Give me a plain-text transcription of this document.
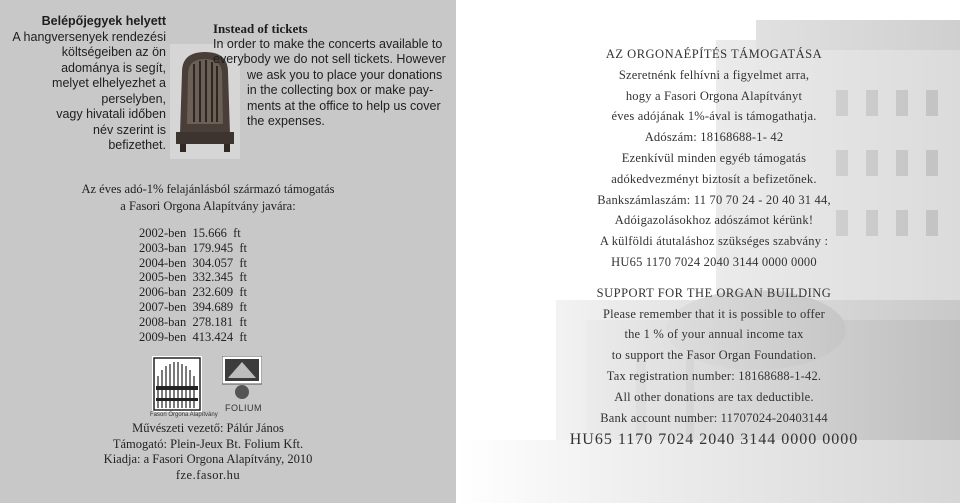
Belépőjegyek helyett
A hangversenyek rendezési
költségeiben az ön adománya is segít,
melyet elhelyezhet a perselyben,
vagy hivatali időben
név szerint is
befizethet.
Instead of tickets
In order to make the concerts available to
everybody we do not sell tickets. However
we ask you to place your donations
in the collecting box or make pay-
ments at the office to help us cover
the expenses.
Az éves adó-1% felajánlásból származó támogatás
a Fasori Orgona Alapítvány javára:
2002-ben  15.666  ft
2003-ban  179.945  ft
2004-ben  304.057  ft
2005-ben  332.345  ft
2006-ban  232.609  ft
2007-ben  394.689  ft
2008-ban  278.181  ft
2009-ben  413.424  ft
Fasori Orgona Alapítvány
FOLIUM
Művészeti vezető: Pálúr János
Támogató: Plein-Jeux Bt. Folium Kft.
Kiadja: a Fasori Orgona Alapítvány, 2010
fze.fasor.hu
AZ ORGONAÉPÍTÉS TÁMOGATÁSA
Szeretnénk felhívni a figyelmet arra,
hogy a Fasori Orgona Alapítványt
éves adójának 1%-ával is támogathatja.
Adószám: 18168688-1- 42
Ezenkívül minden egyéb támogatás
adókedvezményt biztosít a befizetőnek.
Bankszámlaszám: 11 70 70 24 - 20 40 31 44,
Adóigazolásokhoz adószámot kérünk!
A külföldi átutaláshoz szükséges szabvány :
HU65 1170 7024 2040 3144 0000 0000
SUPPORT FOR THE ORGAN BUILDING
Please remember that it is possible to offer
the 1 % of your annual income tax
to support the Fasor Organ Foundation.
Tax registration number: 18168688-1-42.
All other donations are tax deductible.
Bank account number: 11707024-20403144
HU65 1170 7024 2040 3144 0000 0000
